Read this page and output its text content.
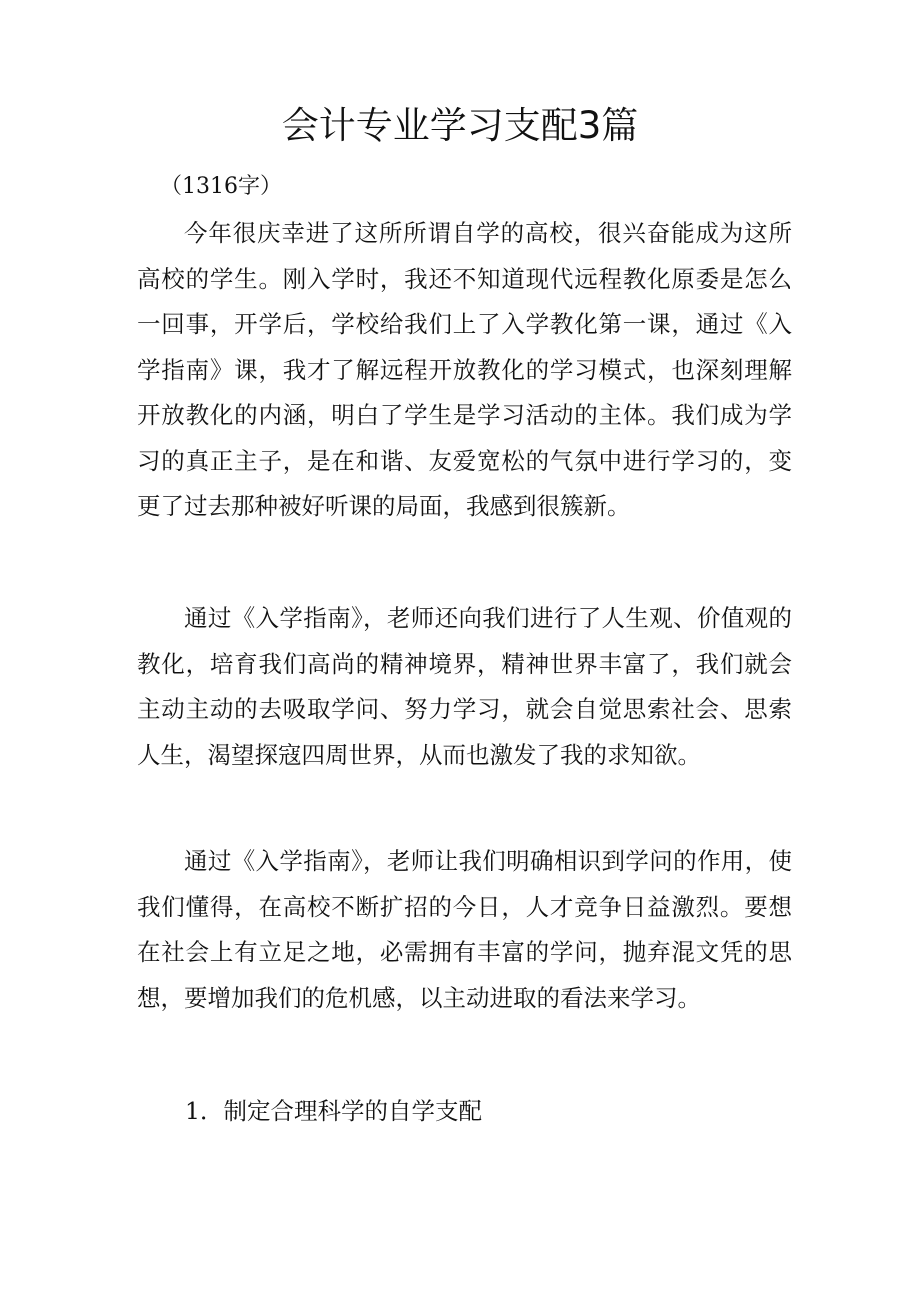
会计专业学习支配3篇
（1316字）

今年很庆幸进了这所所谓自学的高校，很兴奋能成为这所高校的学生。刚入学时，我还不知道现代远程教化原委是怎么一回事，开学后，学校给我们上了入学教化第一课，通过《入学指南》课，我才了解远程开放教化的学习模式，也深刻理解开放教化的内涵，明白了学生是学习活动的主体。我们成为学习的真正主子，是在和谐、友爱宽松的气氛中进行学习的，变更了过去那种被好听课的局面，我感到很簇新。

通过《入学指南》，老师还向我们进行了人生观、价值观的教化，培育我们高尚的精神境界，精神世界丰富了，我们就会主动主动的去吸取学问、努力学习，就会自觉思索社会、思索人生，渴望探寇四周世界，从而也激发了我的求知欲。

通过《入学指南》，老师让我们明确相识到学问的作用，使我们懂得，在高校不断扩招的今日，人才竞争日益激烈。要想在社会上有立足之地，必需拥有丰富的学问，抛弃混文凭的思想，要增加我们的危机感，以主动进取的看法来学习。

1．制定合理科学的自学支配
